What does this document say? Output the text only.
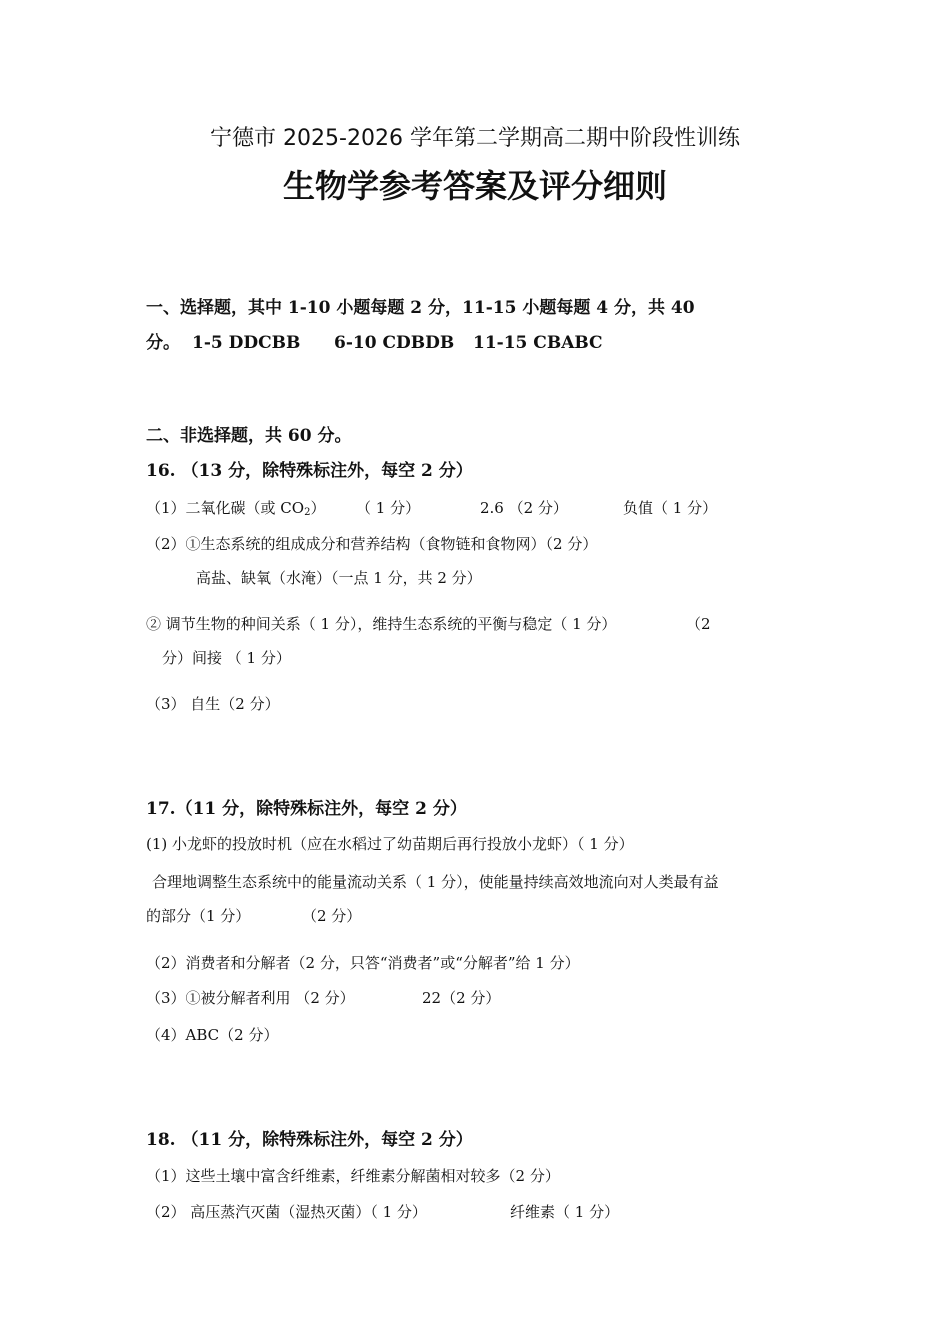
宁德市 2025-2026 学年第二学期高二期中阶段性训练
生物学参考答案及评分细则
一、选择题，其中 1-10 小题每题 2 分，11-15 小题每题 4 分，共 40
分。 1-5 DDCBB 6-10 CDBDB 11-15 CBABC
二、非选择题，共 60 分。
16. （13 分，除特殊标注外，每空 2 分）
（1）二氧化碳（或 $CO_2$） （ 1 分）	2.6 （2 分）	负值（ 1 分）
（2）①生态系统的组成成分和营养结构（食物链和食物网）（2 分）
高盐、缺氧（水淹）（一点 1 分，共 2 分）
② 调节生物的种间关系（ 1 分），维持生态系统的平衡与稳定（ 1 分）	（2
分）间接 （ 1 分）
（3） 自生（2 分）
17.（11 分，除特殊标注外，每空 2 分）
(1) 小龙虾的投放时机（应在水稻过了幼苗期后再行投放小龙虾）（ 1 分）
合理地调整生态系统中的能量流动关系（ 1 分），使能量持续高效地流向对人类最有益
的部分（1 分）	（2 分）
（2）消费者和分解者（2 分，只答“消费者”或“分解者”给 1 分）
（3）①被分解者利用 （2 分）	22（2 分）
（4）ABC（2 分）
18. （11 分，除特殊标注外，每空 2 分）
（1）这些土壤中富含纤维素，纤维素分解菌相对较多（2 分）
（2） 高压蒸汽灭菌（湿热灭菌）（ 1 分）	纤维素（ 1 分）
